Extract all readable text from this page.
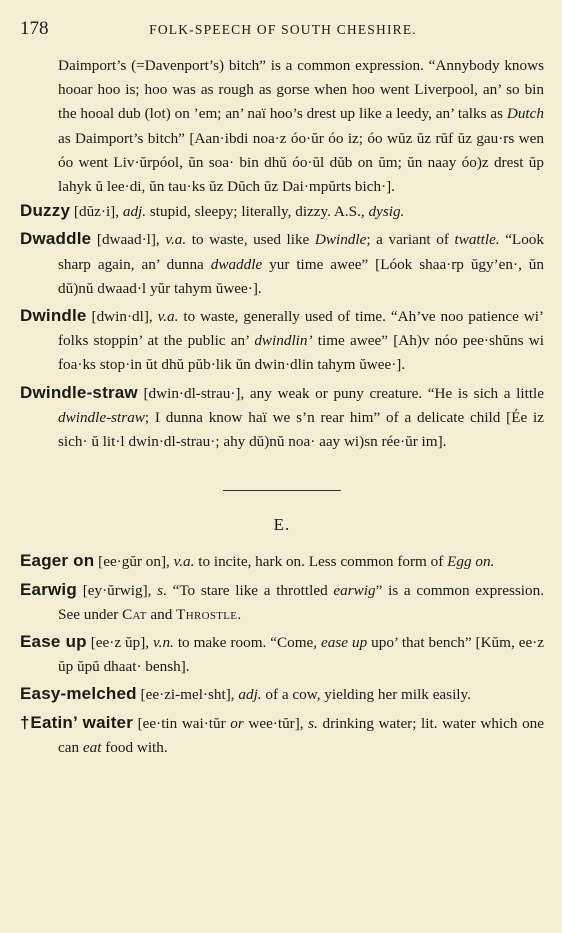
178	FOLK-SPEECH OF SOUTH CHESHIRE.

Daimport’s (=Davenport’s) bitch” is a common expression. “Annybody knows hooar hoo is; hoo was as rough as gorse when hoo went Liverpool, an’ so bin the hooal dub (lot) on ’em; an’ naï hoo’s drest up like a leedy, an’ talks as Dutch as Daimport’s bitch” [Aan·ibdi noa·z óo·ŭr óo iz; óo wŭz ŭz rŭf ŭz gau·rs wen óo went Liv·ŭrpóol, ŭn soa· bin dhŭ óo·ŭl dŭb on ŭm; ŭn naay óo)z drest ŭp lahyk ŭ lee·di, ŭn tau·ks ŭz Dŭch ŭz Dai·mpŭrts bich·].

Duzzy [dŭz·i], adj. stupid, sleepy; literally, dizzy. A.S., dysig.

Dwaddle [dwaad·l], v.a. to waste, used like Dwindle; a variant of twattle. “Look sharp again, an’ dunna dwaddle yur time awee” [Lóok shaa·rp ŭgy’en·, ŭn dŭ)nŭ dwaad·l yŭr tahym ŭwee·].

Dwindle [dwin·dl], v.a. to waste, generally used of time. “Ah’ve noo patience wi’ folks stoppin’ at the public an’ dwindlin’ time awee” [Ah)v nóo pee·shŭns wi foa·ks stop·in ŭt dhŭ pŭb·lik ŭn dwin·dlin tahym ŭwee·].

Dwindle-straw [dwin·dl-strau·], any weak or puny creature. “He is sich a little dwindle-straw; I dunna know haï we s’n rear him” of a delicate child [Ée iz sich· ŭ lit·l dwin·dl-strau·; ahy dŭ)nŭ noa· aay wi)sn rée·ŭr im].

E.

Eager on [ee·gŭr on], v.a. to incite, hark on. Less common form of Egg on.

Earwig [ey·ŭrwig], s. “To stare like a throttled earwig” is a common expression. See under Cat and Throstle.

Ease up [ee·z ŭp], v.n. to make room. “Come, ease up upo’ that bench” [Kŭm, ee·z ŭp ŭpŭ dhaat· bensh].

Easy-melched [ee·zi-mel·sht], adj. of a cow, yielding her milk easily.

†Eatin’ waiter [ee·tin wai·tŭr or wee·tŭr], s. drinking water; lit. water which one can eat food with.
